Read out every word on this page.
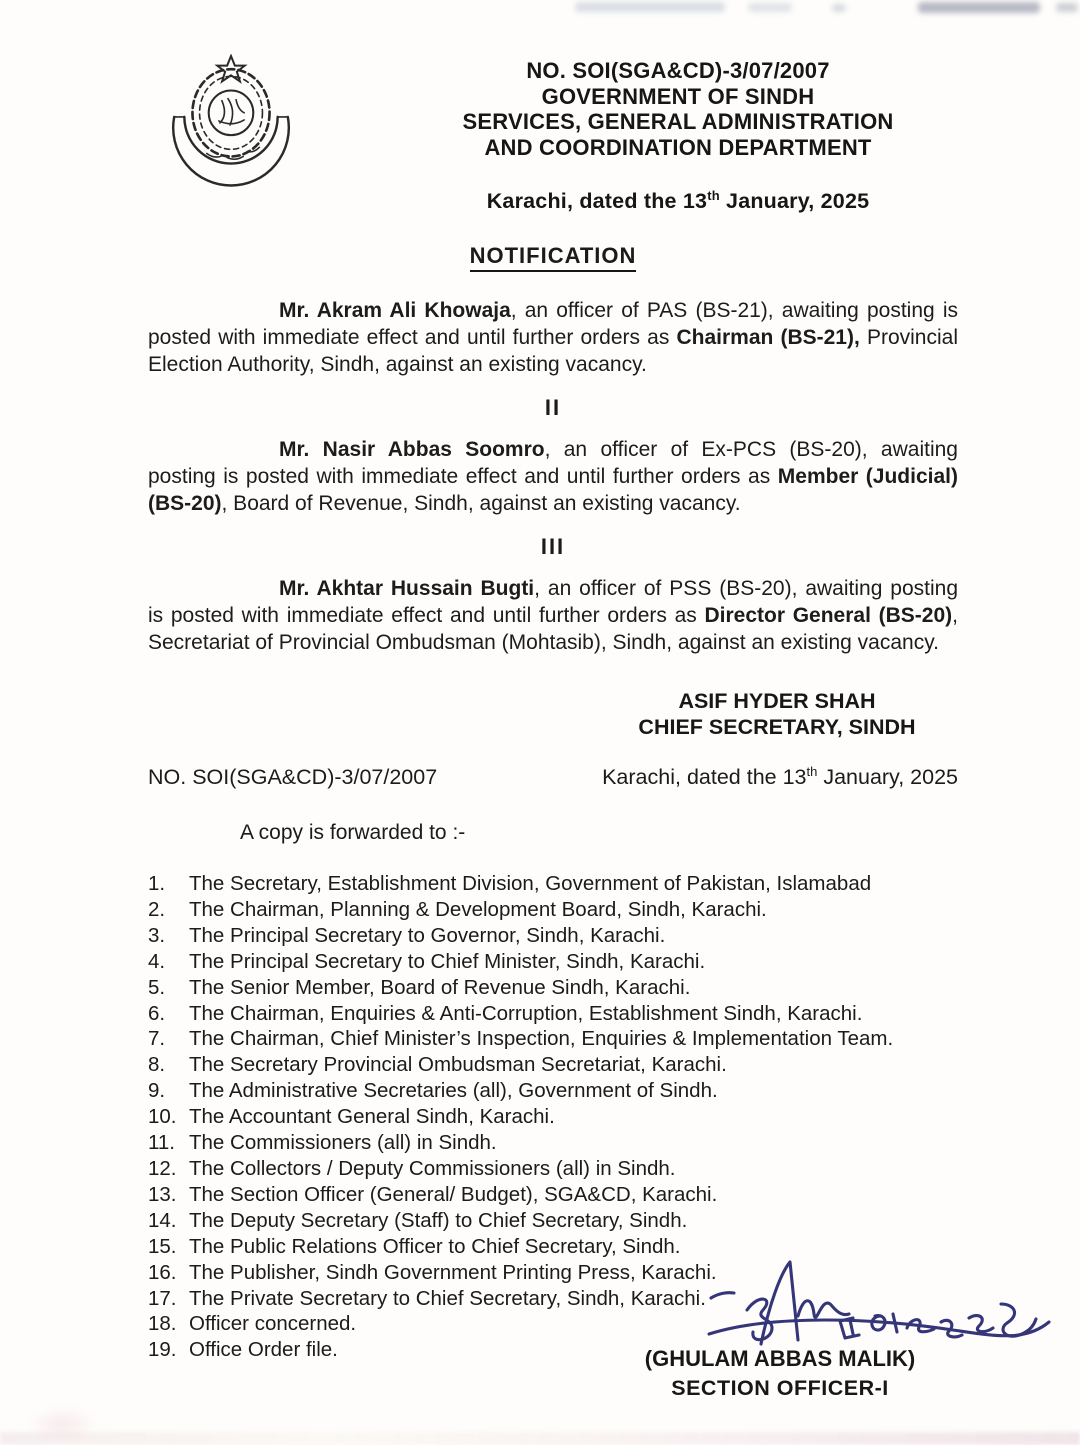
NO. SOI(SGA&CD)-3/07/2007
GOVERNMENT OF SINDH
SERVICES, GENERAL ADMINISTRATION
AND COORDINATION DEPARTMENT
Karachi, dated the 13th January, 2025
NOTIFICATION

Mr. Akram Ali Khowaja, an officer of PAS (BS-21), awaiting posting is posted with immediate effect and until further orders as Chairman (BS-21), Provincial Election Authority, Sindh, against an existing vacancy.

II

Mr. Nasir Abbas Soomro, an officer of Ex-PCS (BS-20), awaiting posting is posted with immediate effect and until further orders as Member (Judicial) (BS-20), Board of Revenue, Sindh, against an existing vacancy.

III

Mr. Akhtar Hussain Bugti, an officer of PSS (BS-20), awaiting posting is posted with immediate effect and until further orders as Director General (BS-20), Secretariat of Provincial Ombudsman (Mohtasib), Sindh, against an existing vacancy.

ASIF HYDER SHAH
CHIEF SECRETARY, SINDH
NO. SOI(SGA&CD)-3/07/2007	Karachi, dated the 13th January, 2025
A copy is forwarded to :-
1.	The Secretary, Establishment Division, Government of Pakistan, Islamabad
2.	The Chairman, Planning & Development Board, Sindh, Karachi.
3.	The Principal Secretary to Governor, Sindh, Karachi.
4.	The Principal Secretary to Chief Minister, Sindh, Karachi.
5.	The Senior Member, Board of Revenue Sindh, Karachi.
6.	The Chairman, Enquiries & Anti-Corruption, Establishment Sindh, Karachi.
7.	The Chairman, Chief Minister’s Inspection, Enquiries & Implementation Team.
8.	The Secretary Provincial Ombudsman Secretariat, Karachi.
9.	The Administrative Secretaries (all), Government of Sindh.
10. The Accountant General Sindh, Karachi.
11. The Commissioners (all) in Sindh.
12. The Collectors / Deputy Commissioners (all) in Sindh.
13. The Section Officer (General/ Budget), SGA&CD, Karachi.
14. The Deputy Secretary (Staff) to Chief Secretary, Sindh.
15. The Public Relations Officer to Chief Secretary, Sindh.
16. The Publisher, Sindh Government Printing Press, Karachi.
17. The Private Secretary to Chief Secretary, Sindh, Karachi.
18. Officer concerned.
19. Office Order file.	(GHULAM ABBAS MALIK)
SECTION OFFICER-I
